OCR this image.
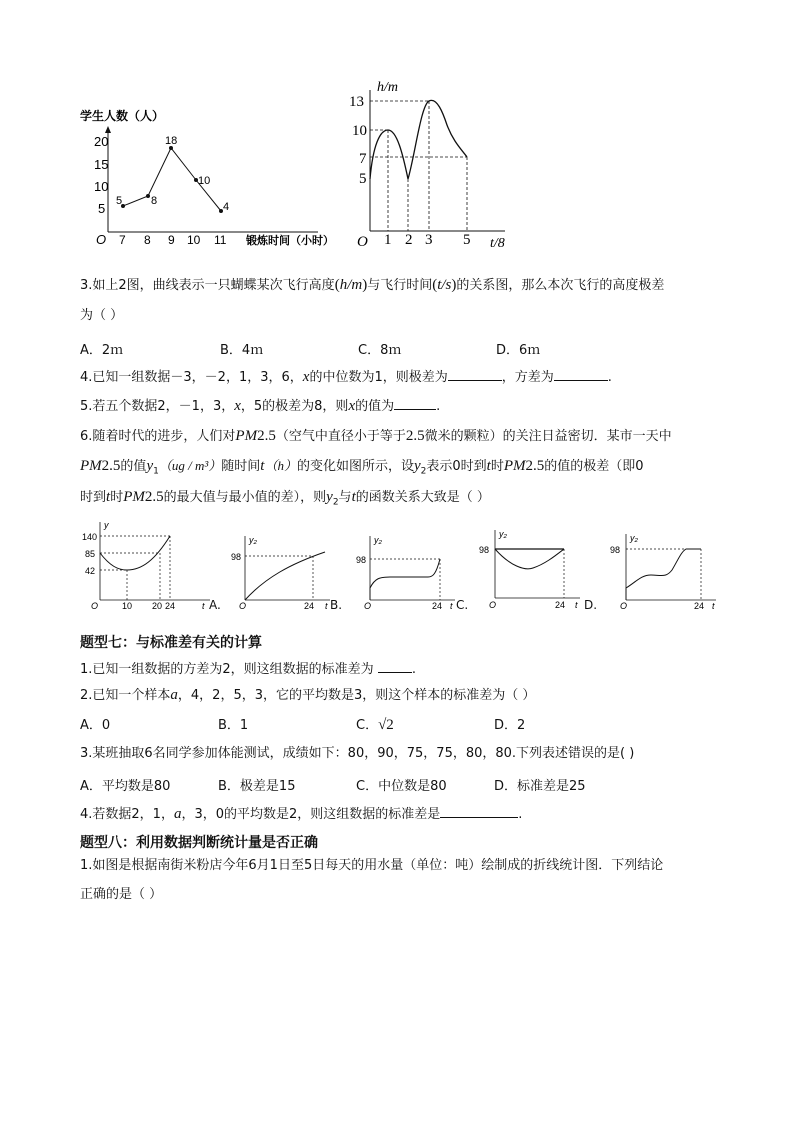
学生人数（人）
20
15
10
5
O 7 8 9 10 11 锻炼时间（小时）
5	8
18
10
4
h/m
13
10
7
5
O 1 2 3 5 t/8
3.如上2图，曲线表示一只蝴蝶某次飞行高度(h/m)与飞行时间(t/s)的关系图，那么本次飞行的高度极差
为（ ）
A．2ｍ	B．4ｍ	C．8ｍ	D．6ｍ
4.已知一组数据－3，－2，1，3，6，x的中位数为1，则极差为	，方差为	.
5.若五个数据2，－1，3，x，5的极差为8，则x的值为	.
6.随着时代的进步，人们对PM2.5（空气中直径小于等于2.5微米的颗粒）的关注日益密切．某市一天中
PM2.5的值$y_1(ug / m^3)$随时间t（h）的变化如图所示，设$y_2$表示0时到t时PM2.5的值的极差（即0
时到t时PM2.5的最大值与最小值的差），则$y_2$与t的函数关系大致是（ ）
y
140
85
42
O	10 20 24	t A.
y₂
98
O	24 t B.
y₂
98
O	24 t C.
y₂
98
O	24 t D.
y₂
98
O	24 t
题型七：与标准差有关的计算
1.已知一组数据的方差为2，则这组数据的标准差为	.
2.已知一个样本a，4，2，5，3，它的平均数是3，则这个样本的标准差为（ ）
A．0	B．1	C．√2	D．2
3.某班抽取6名同学参加体能测试，成绩如下：80，90，75，75，80，80.下列表述错误的是( )
A．平均数是80	B．极差是15	C．中位数是80	D．标准差是25
4.若数据2，1，a，3，0的平均数是2，则这组数据的标准差是	.
题型八：利用数据判断统计量是否正确
1.如图是根据南街米粉店今年6月1日至5日每天的用水量（单位：吨）绘制成的折线统计图．下列结论
正确的是（ ）
